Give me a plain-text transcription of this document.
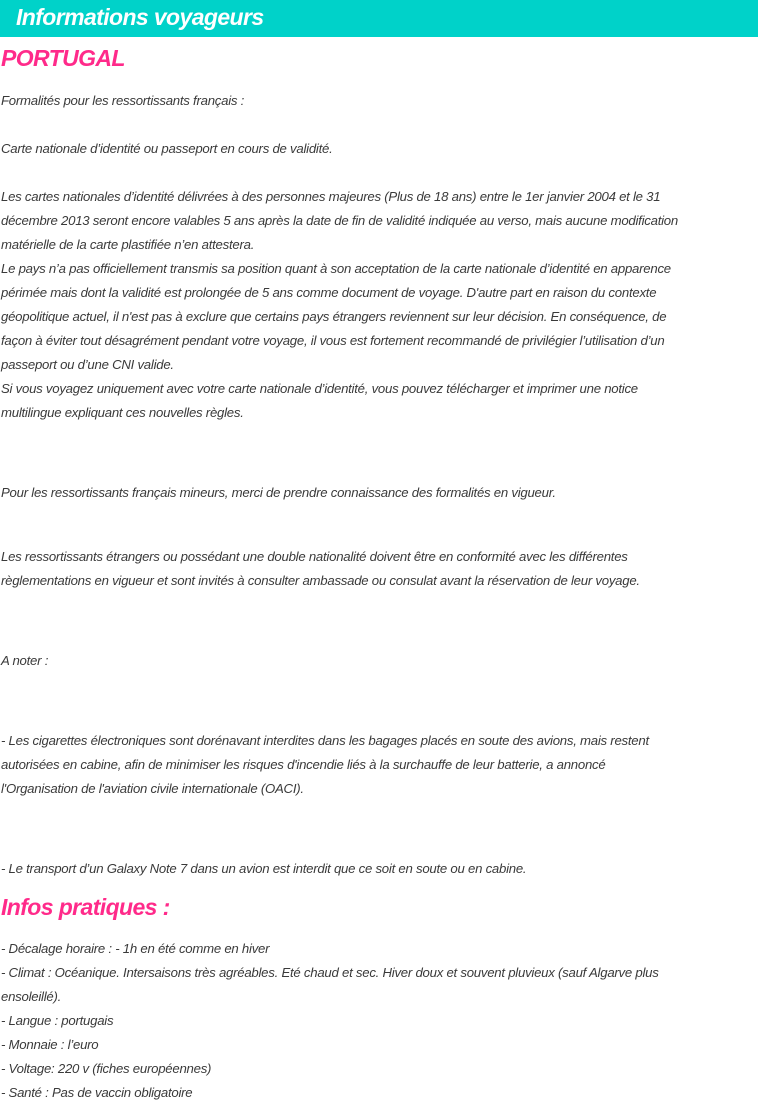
Informations voyageurs
PORTUGAL
Formalités pour les ressortissants français :
Carte nationale d’identité ou passeport en cours de validité.
Les cartes nationales d’identité délivrées à des personnes majeures (Plus de 18 ans) entre le 1er janvier 2004 et le 31
décembre 2013 seront encore valables 5 ans après la date de fin de validité indiquée au verso, mais aucune modification
matérielle de la carte plastifiée n’en attestera.
Le pays n’a pas officiellement transmis sa position quant à son acceptation de la carte nationale d’identité en apparence
périmée mais dont la validité est prolongée de 5 ans comme document de voyage. D'autre part en raison du contexte
géopolitique actuel, il n'est pas à exclure que certains pays étrangers reviennent sur leur décision. En conséquence, de
façon à éviter tout désagrément pendant votre voyage, il vous est fortement recommandé de privilégier l’utilisation d’un
passeport ou d’une CNI valide.
Si vous voyagez uniquement avec votre carte nationale d’identité, vous pouvez télécharger et imprimer une notice
multilingue expliquant ces nouvelles règles.
Pour les ressortissants français mineurs, merci de prendre connaissance des formalités en vigueur.
Les ressortissants étrangers ou possédant une double nationalité doivent être en conformité avec les différentes
règlementations en vigueur et sont invités à consulter ambassade ou consulat avant la réservation de leur voyage.
A noter :
- Les cigarettes électroniques sont dorénavant interdites dans les bagages placés en soute des avions, mais restent
autorisées en cabine, afin de minimiser les risques d'incendie liés à la surchauffe de leur batterie, a annoncé
l'Organisation de l'aviation civile internationale (OACI).
- Le transport d’un Galaxy Note 7 dans un avion est interdit que ce soit en soute ou en cabine.
Infos pratiques :
- Décalage horaire : - 1h en été comme en hiver
- Climat : Océanique. Intersaisons très agréables. Eté chaud et sec. Hiver doux et souvent pluvieux (sauf Algarve plus
ensoleillé).
- Langue : portugais
- Monnaie : l’euro
- Voltage: 220 v (fiches européennes)
- Santé : Pas de vaccin obligatoire
